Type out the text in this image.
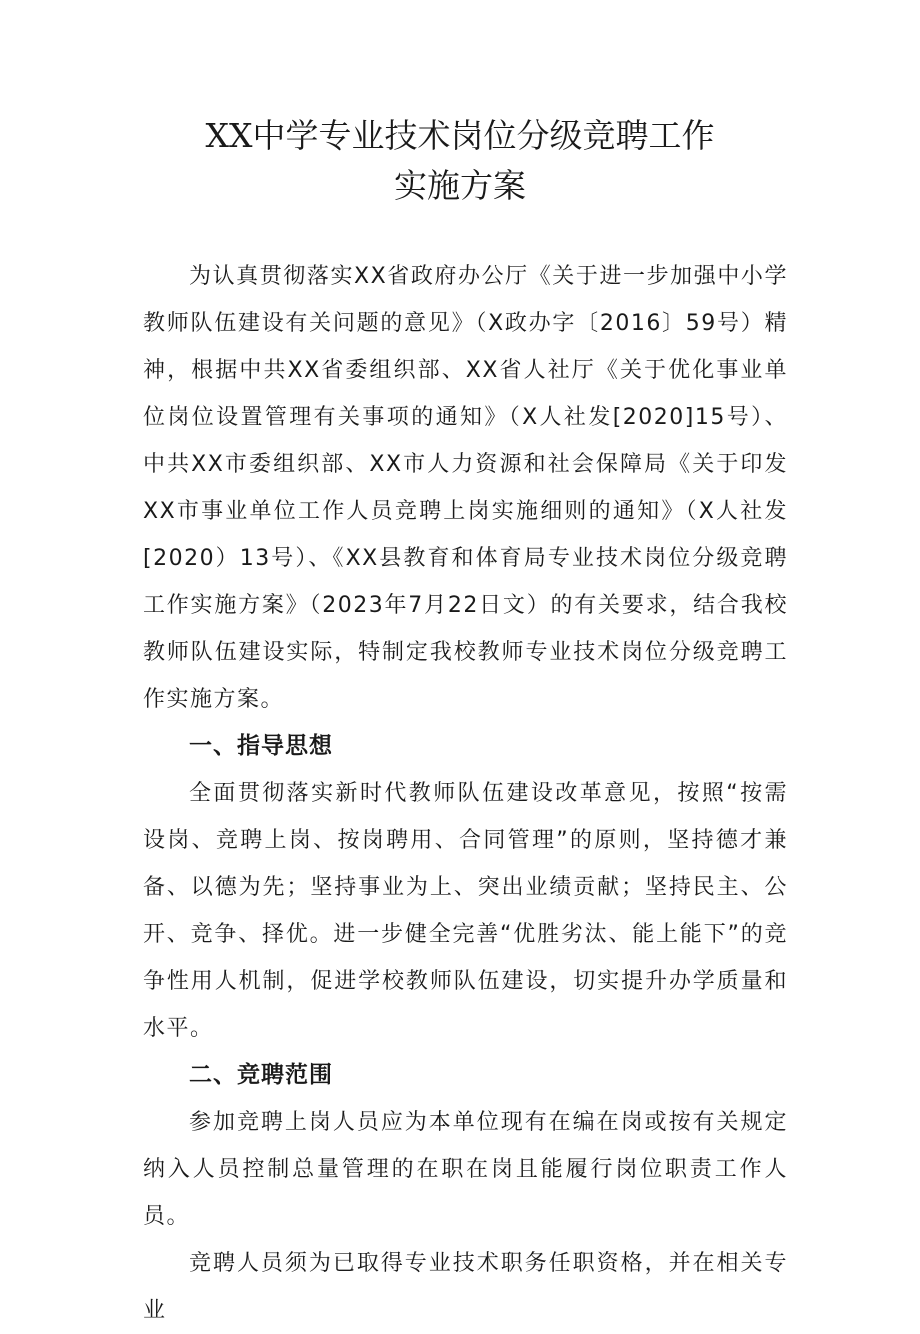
XX中学专业技术岗位分级竞聘工作
实施方案

为认真贯彻落实XX省政府办公厅《关于进一步加强中小学教师队伍建设有关问题的意见》（X政办字〔2016〕59号）精神，根据中共XX省委组织部、XX省人社厅《关于优化事业单位岗位设置管理有关事项的通知》（X人社发[2020]15号）、中共XX市委组织部、XX市人力资源和社会保障局《关于印发XX市事业单位工作人员竞聘上岗实施细则的通知》（X人社发[2020）13号）、《XX县教育和体育局专业技术岗位分级竞聘工作实施方案》（2023年7月22日文）的有关要求，结合我校教师队伍建设实际，特制定我校教师专业技术岗位分级竞聘工作实施方案。

一、指导思想

全面贯彻落实新时代教师队伍建设改革意见，按照“按需设岗、竞聘上岗、按岗聘用、合同管理”的原则，坚持德才兼备、以德为先；坚持事业为上、突出业绩贡献；坚持民主、公开、竞争、择优。进一步健全完善“优胜劣汰、能上能下”的竞争性用人机制，促进学校教师队伍建设，切实提升办学质量和水平。

二、竞聘范围

参加竞聘上岗人员应为本单位现有在编在岗或按有关规定纳入人员控制总量管理的在职在岗且能履行岗位职责工作人员。

竞聘人员须为已取得专业技术职务任职资格，并在相关专业
